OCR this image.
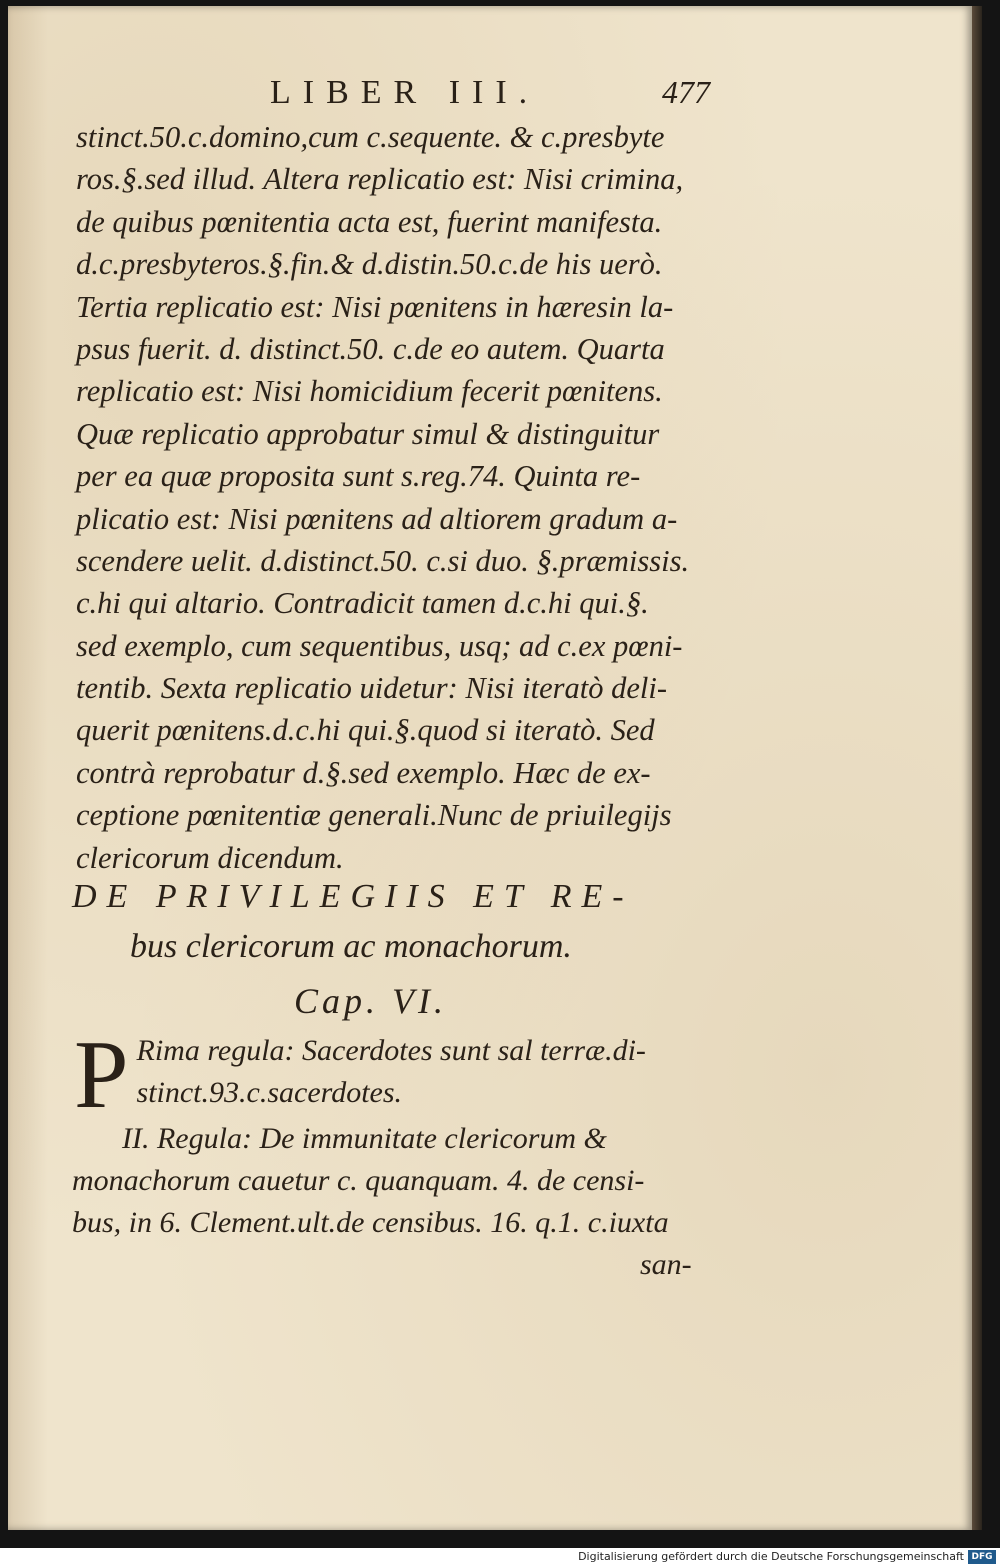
LIBER III.	477
stinct.50.c.domino,cum c.sequente. & c.presbyte
ros.§.sed illud. Altera replicatio est: Nisi crimina,
de quibus pœnitentia acta est, fuerint manifesta.
d.c.presbyteros.§.fin.& d.distin.50.c.de his uerò.
Tertia replicatio est: Nisi pœnitens in hæresin la-
psus fuerit. d. distinct.50. c.de eo autem. Quarta
replicatio est: Nisi homicidium fecerit pœnitens.
Quæ replicatio approbatur simul & distinguitur
per ea quæ proposita sunt s.reg.74. Quinta re-
plicatio est: Nisi pœnitens ad altiorem gradum a-
scendere uelit. d.distinct.50. c.si duo. §.præmissis.
c.hi qui altario. Contradicit tamen d.c.hi qui.§.
sed exemplo, cum sequentibus, usq; ad c.ex pœni-
tentib. Sexta replicatio uidetur: Nisi iteratò deli-
querit pœnitens.d.c.hi qui.§.quod si iteratò. Sed
contrà reprobatur d.§.sed exemplo. Hæc de ex-
ceptione pœnitentiæ generali.Nunc de priuilegijs
clericorum dicendum.
DE PRIVILEGIIS ET RE-
bus clericorum ac monachorum.
Cap. VI.
P Rima regula: Sacerdotes sunt sal terræ.di-
stinct.93.c.sacerdotes.
II. Regula: De immunitate clericorum &
monachorum cauetur c. quanquam. 4. de censi-
bus, in 6. Clement.ult.de censibus. 16. q.1. c.iuxta
san-
Digitalisierung gefördert durch die Deutsche Forschungsgemeinschaft DFG
